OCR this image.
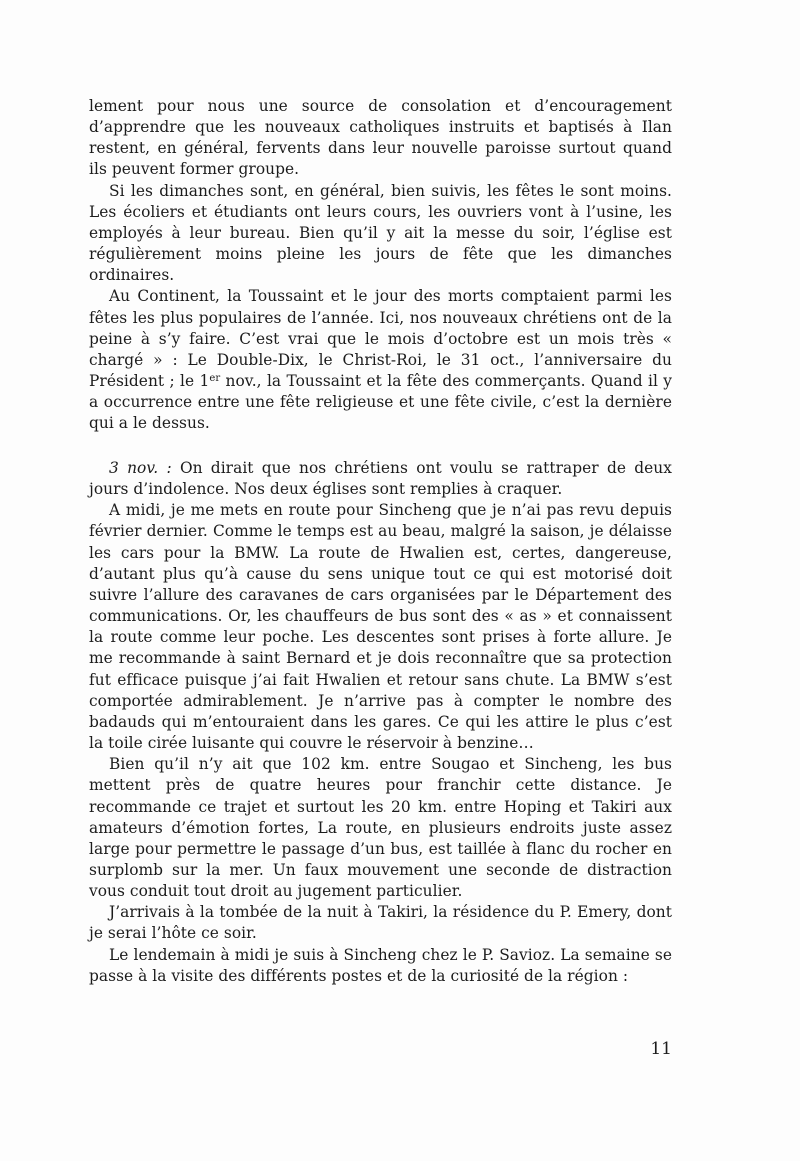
lement pour nous une source de consolation et d’encouragement d’apprendre que les nouveaux catholiques instruits et baptisés à Ilan restent, en général, fervents dans leur nouvelle paroisse surtout quand ils peuvent former groupe.

Si les dimanches sont, en général, bien suivis, les fêtes le sont moins. Les écoliers et étudiants ont leurs cours, les ouvriers vont à l’usine, les employés à leur bureau. Bien qu’il y ait la messe du soir, l’église est régulièrement moins pleine les jours de fête que les dimanches ordinaires.

Au Continent, la Toussaint et le jour des morts comptaient parmi les fêtes les plus populaires de l’année. Ici, nos nouveaux chrétiens ont de la peine à s’y faire. C’est vrai que le mois d’octobre est un mois très « chargé » : Le Double-Dix, le Christ-Roi, le 31 oct., l’anniversaire du Président ; le 1er nov., la Toussaint et la fête des commerçants. Quand il y a occurrence entre une fête religieuse et une fête civile, c’est la dernière qui a le dessus.

3 nov. : On dirait que nos chrétiens ont voulu se rattraper de deux jours d’indolence. Nos deux églises sont remplies à craquer.

A midi, je me mets en route pour Sincheng que je n’ai pas revu depuis février dernier. Comme le temps est au beau, malgré la saison, je délaisse les cars pour la BMW. La route de Hwalien est, certes, dangereuse, d’autant plus qu’à cause du sens unique tout ce qui est motorisé doit suivre l’allure des caravanes de cars organisées par le Département des communications. Or, les chauffeurs de bus sont des « as » et connaissent la route comme leur poche. Les descentes sont prises à forte allure. Je me recommande à saint Bernard et je dois reconnaître que sa protection fut efficace puisque j’ai fait Hwalien et retour sans chute. La BMW s’est comportée admirablement. Je n’arrive pas à compter le nombre des badauds qui m’entouraient dans les gares. Ce qui les attire le plus c’est la toile cirée luisante qui couvre le réservoir à benzine…

Bien qu’il n’y ait que 102 km. entre Sougao et Sincheng, les bus mettent près de quatre heures pour franchir cette distance. Je recommande ce trajet et surtout les 20 km. entre Hoping et Takiri aux amateurs d’émotion fortes, La route, en plusieurs endroits juste assez large pour permettre le passage d’un bus, est taillée à flanc du rocher en surplomb sur la mer. Un faux mouvement une seconde de distraction vous conduit tout droit au jugement particulier.

J’arrivais à la tombée de la nuit à Takiri, la résidence du P. Emery, dont je serai l’hôte ce soir.

Le lendemain à midi je suis à Sincheng chez le P. Savioz. La semaine se passe à la visite des différents postes et de la curiosité de la région :

11
